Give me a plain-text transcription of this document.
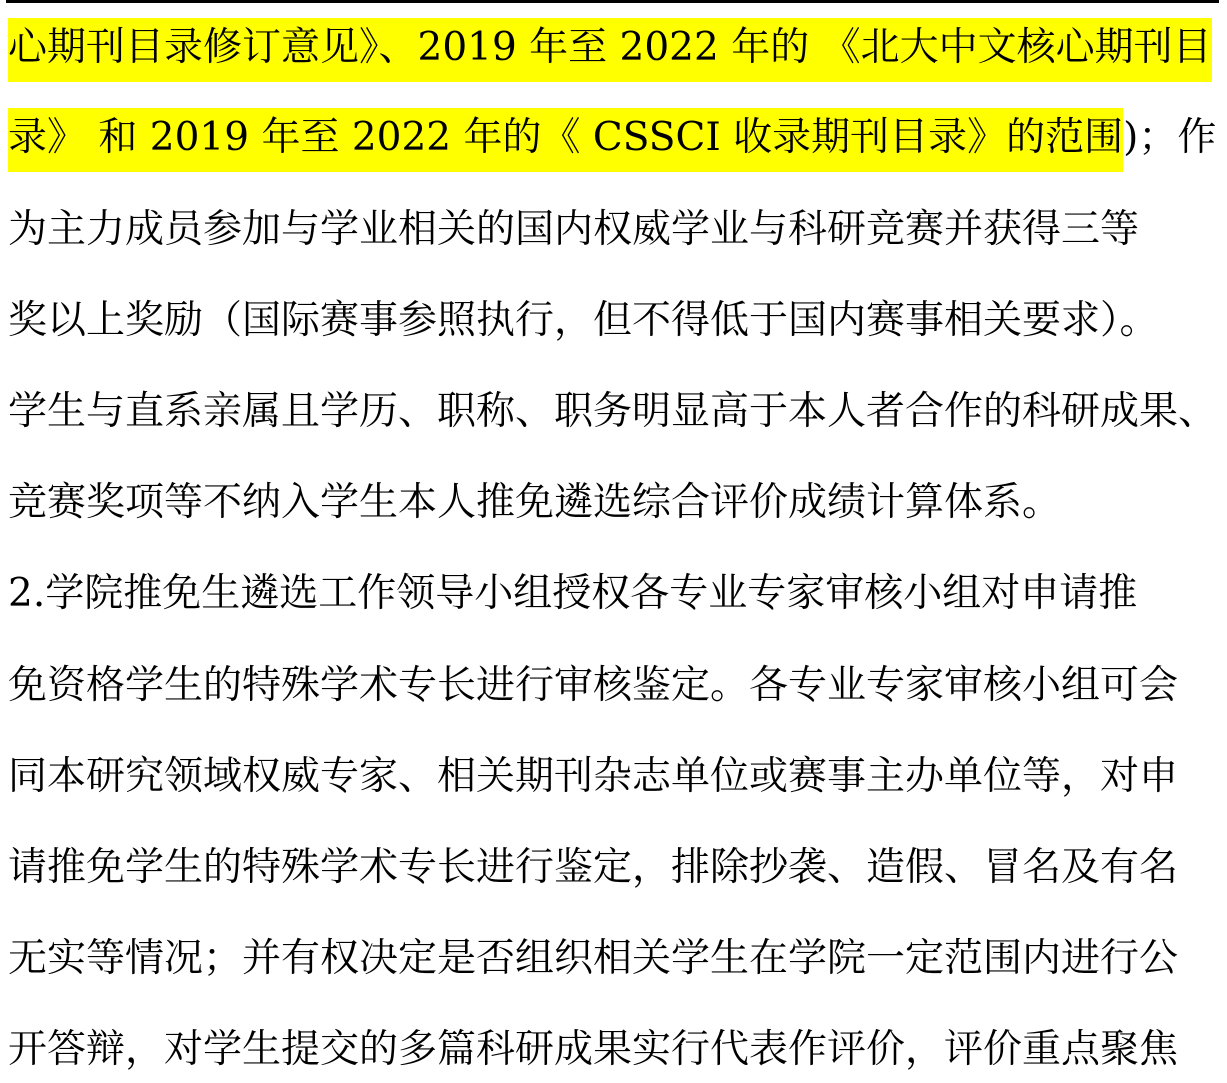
心期刊目录修订意见》、2019 年至 2022 年的 《北大中文核心期刊目
录》 和 2019 年至 2022 年的《 CSSCI 收录期刊目录》的范围)；作
为主力成员参加与学业相关的国内权威学业与科研竞赛并获得三等
奖以上奖励（国际赛事参照执行，但不得低于国内赛事相关要求）。
学生与直系亲属且学历、职称、职务明显高于本人者合作的科研成果、
竞赛奖项等不纳入学生本人推免遴选综合评价成绩计算体系。
2.学院推免生遴选工作领导小组授权各专业专家审核小组对申请推
免资格学生的特殊学术专长进行审核鉴定。各专业专家审核小组可会
同本研究领域权威专家、相关期刊杂志单位或赛事主办单位等，对申
请推免学生的特殊学术专长进行鉴定，排除抄袭、造假、冒名及有名
无实等情况；并有权决定是否组织相关学生在学院一定范围内进行公
开答辩，对学生提交的多篇科研成果实行代表作评价，评价重点聚焦
